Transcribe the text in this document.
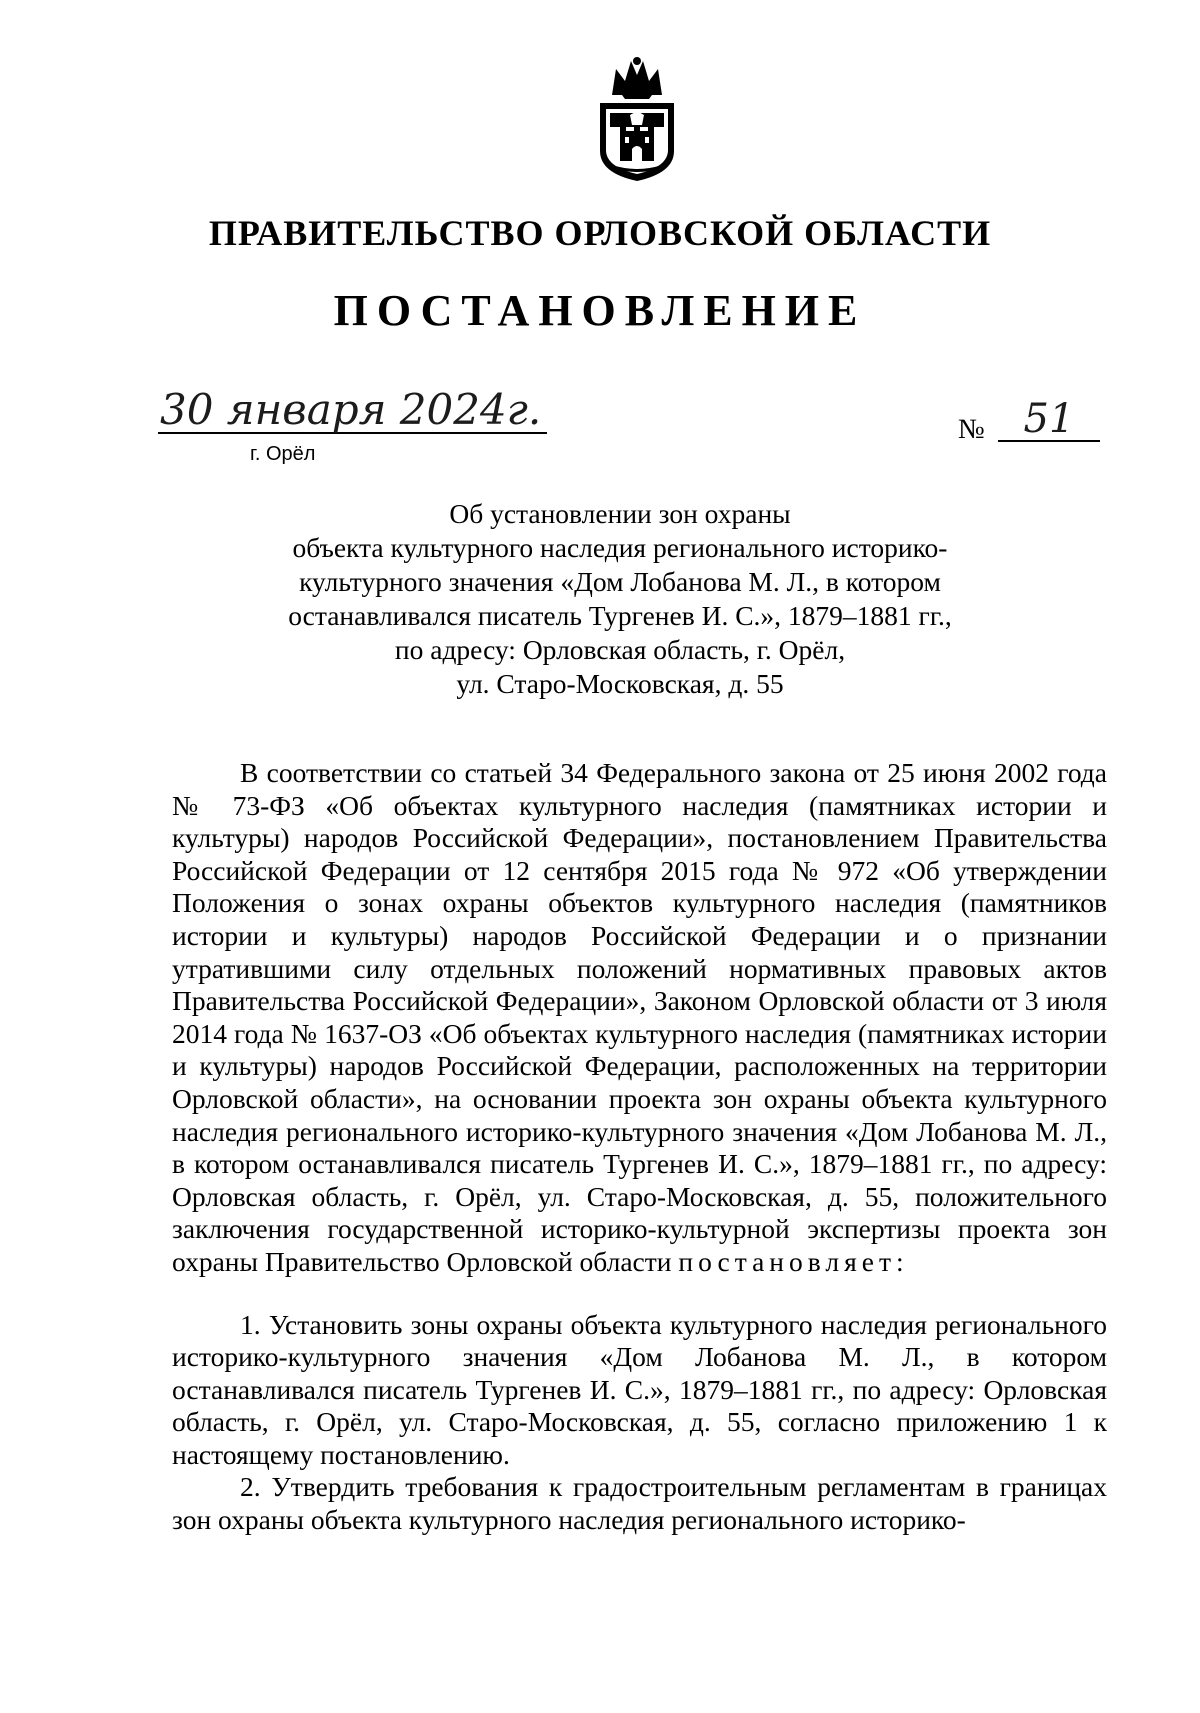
ПРАВИТЕЛЬСТВО ОРЛОВСКОЙ ОБЛАСТИ
ПОСТАНОВЛЕНИЕ
30 января 2024г.
г. Орёл
№ 51
Об установлении зон охраны
объекта культурного наследия регионального историко-
культурного значения «Дом Лобанова М. Л., в котором
останавливался писатель Тургенев И. С.», 1879–1881 гг.,
по адресу: Орловская область, г. Орёл,
ул. Старо-Московская, д. 55

В соответствии со статьей 34 Федерального закона от 25 июня 2002 года № 73-ФЗ «Об объектах культурного наследия (памятниках истории и культуры) народов Российской Федерации», постановлением Правительства Российской Федерации от 12 сентября 2015 года № 972 «Об утверждении Положения о зонах охраны объектов культурного наследия (памятников истории и культуры) народов Российской Федерации и о признании утратившими силу отдельных положений нормативных правовых актов Правительства Российской Федерации», Законом Орловской области от 3 июля 2014 года № 1637-ОЗ «Об объектах культурного наследия (памятниках истории и культуры) народов Российской Федерации, расположенных на территории Орловской области», на основании проекта зон охраны объекта культурного наследия регионального историко-культурного значения «Дом Лобанова М. Л., в котором останавливался писатель Тургенев И. С.», 1879–1881 гг., по адресу: Орловская область, г. Орёл, ул. Старо-Московская, д. 55, положительного заключения государственной историко-культурной экспертизы проекта зон охраны Правительство Орловской области постановляет:

1. Установить зоны охраны объекта культурного наследия регионального историко-культурного значения «Дом Лобанова М. Л., в котором останавливался писатель Тургенев И. С.», 1879–1881 гг., по адресу: Орловская область, г. Орёл, ул. Старо-Московская, д. 55, согласно приложению 1 к настоящему постановлению.

2. Утвердить требования к градостроительным регламентам в границах зон охраны объекта культурного наследия регионального историко-
